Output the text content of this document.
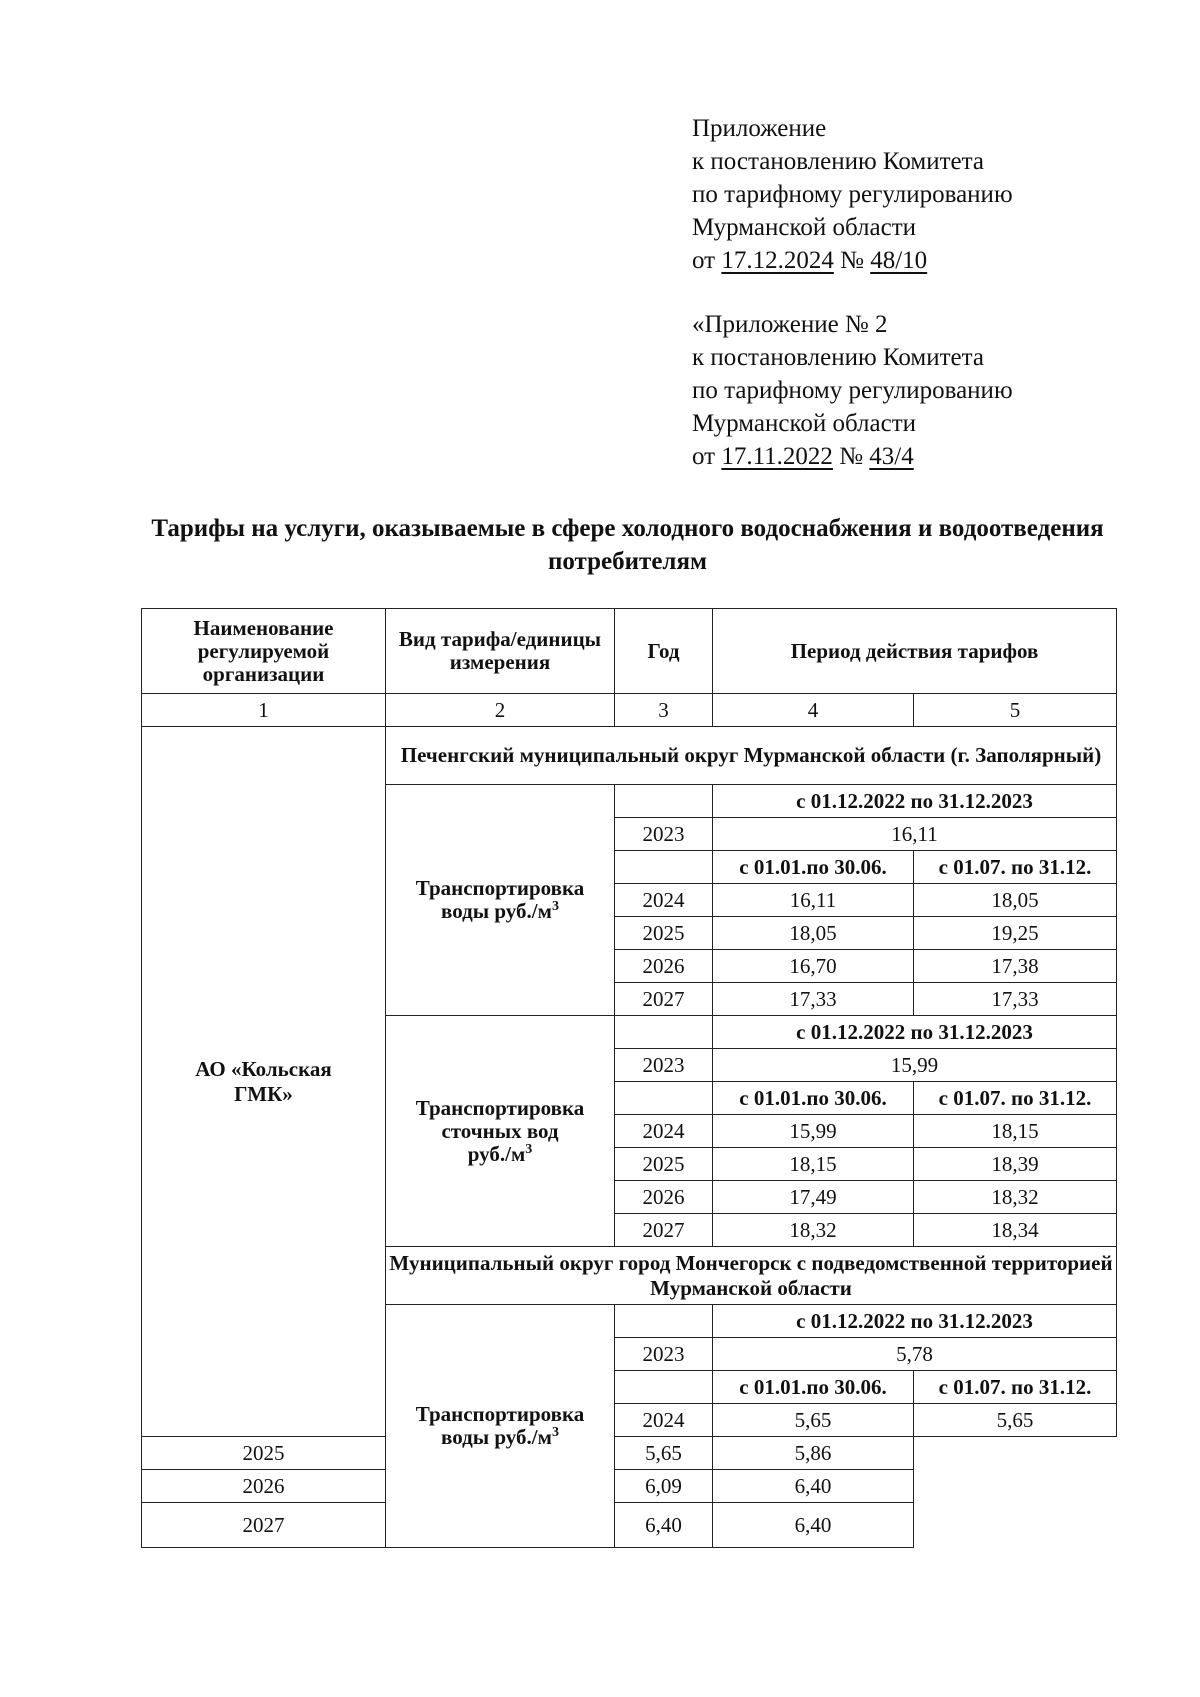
Приложение
к постановлению Комитета
по тарифному регулированию
Мурманской области
от 17.12.2024 № 48/10
«Приложение № 2
к постановлению Комитета
по тарифному регулированию
Мурманской области
от 17.11.2022 № 43/4
Тарифы на услуги, оказываемые в сфере холодного водоснабжения и водоотведения потребителям
Наименование регулируемой организации	Вид тарифа/единицы измерения	Год	Период действия тарифов	
1	2	3	4	5
АО «Кольская
ГМК»	Печенгский муниципальный округ Мурманской области (г. Заполярный)			
	Транспортировка
воды $руб./м^3$		с 01.12.2022 по 31.12.2023	
		2023	16,11	
			с 01.01.по 30.06.	с 01.07. по 31.12.
		2024	16,11	18,05
		2025	18,05	19,25
		2026	16,70	17,38
		2027	17,33	17,33
	Транспортировка
сточных вод
$руб./м^3$		с 01.12.2022 по 31.12.2023	
		2023	15,99	
			с 01.01.по 30.06.	с 01.07. по 31.12.
		2024	15,99	18,15
		2025	18,15	18,39
		2026	17,49	18,32
		2027	18,32	18,34
	Муниципальный округ город Мончегорск с подведомственной территорией Мурманской области			
	Транспортировка
воды $руб./м^3$		с 01.12.2022 по 31.12.2023	
		2023	5,78	
			с 01.01.по 30.06.	с 01.07. по 31.12.
		2024	5,65	5,65
2025		5,65	5,86	
2026		6,09	6,40	
2027		6,40	6,40	
